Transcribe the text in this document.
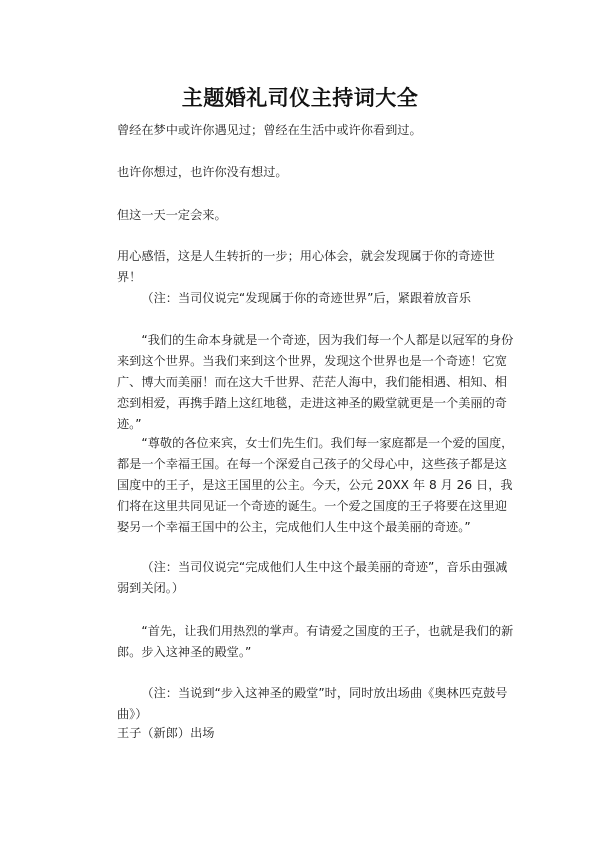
主题婚礼司仪主持词大全

曾经在梦中或许你遇见过；曾经在生活中或许你看到过。

也许你想过，也许你没有想过。

但这一天一定会来。

用心感悟，这是人生转折的一步；用心体会，就会发现属于你的奇迹世界！

（注：当司仪说完“发现属于你的奇迹世界”后，紧跟着放音乐

“我们的生命本身就是一个奇迹，因为我们每一个人都是以冠军的身份来到这个世界。当我们来到这个世界，发现这个世界也是一个奇迹！它宽广、博大而美丽！而在这大千世界、茫茫人海中，我们能相遇、相知、相恋到相爱，再携手踏上这红地毯，走进这神圣的殿堂就更是一个美丽的奇迹。”

“尊敬的各位来宾，女士们先生们。我们每一家庭都是一个爱的国度，都是一个幸福王国。在每一个深爱自己孩子的父母心中，这些孩子都是这国度中的王子，是这王国里的公主。今天，公元 20XX 年 8 月 26 日，我们将在这里共同见证一个奇迹的诞生。一个爱之国度的王子将要在这里迎娶另一个幸福王国中的公主，完成他们人生中这个最美丽的奇迹。”

（注：当司仪说完“完成他们人生中这个最美丽的奇迹”，音乐由强减弱到关闭。）

“首先，让我们用热烈的掌声。有请爱之国度的王子，也就是我们的新郎。步入这神圣的殿堂。”

（注：当说到“步入这神圣的殿堂”时，同时放出场曲《奥林匹克鼓号曲》）

王子（新郎）出场
